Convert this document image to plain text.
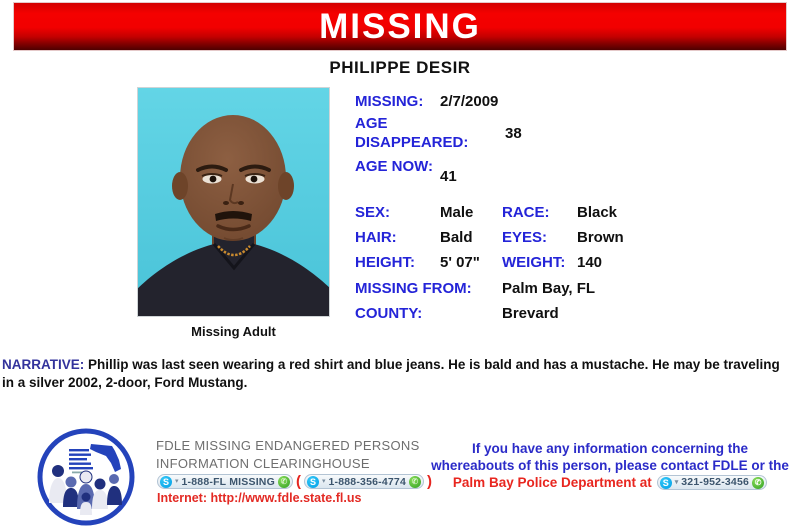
MISSING
PHILIPPE DESIR
Missing Adult
MISSING: 2/7/2009
AGE DISAPPEARED:
38
AGE NOW:
41
SEX:	Male RACE: Black
HAIR:	Bald EYES: Brown
HEIGHT: 5' 07" WEIGHT: 140
MISSING FROM: Palm Bay, FL
COUNTY:	Brevard
NARRATIVE: Phillip was last seen wearing a red shirt and blue jeans. He is bald and has a mustache. He may be traveling in a silver 2002, 2-door, Ford Mustang.
FDLE MISSING ENDANGERED PERSONS
INFORMATION CLEARINGHOUSE
S ▾ 1-888-FL MISSING ✆ ( S ▾ 1-888-356-4774 ✆ )
Internet: http://www.fdle.state.fl.us
If you have any information concerning the
whereabouts of this person, please contact FDLE or the
Palm Bay Police Department at	S ▾ 321-952-3456 ✆
